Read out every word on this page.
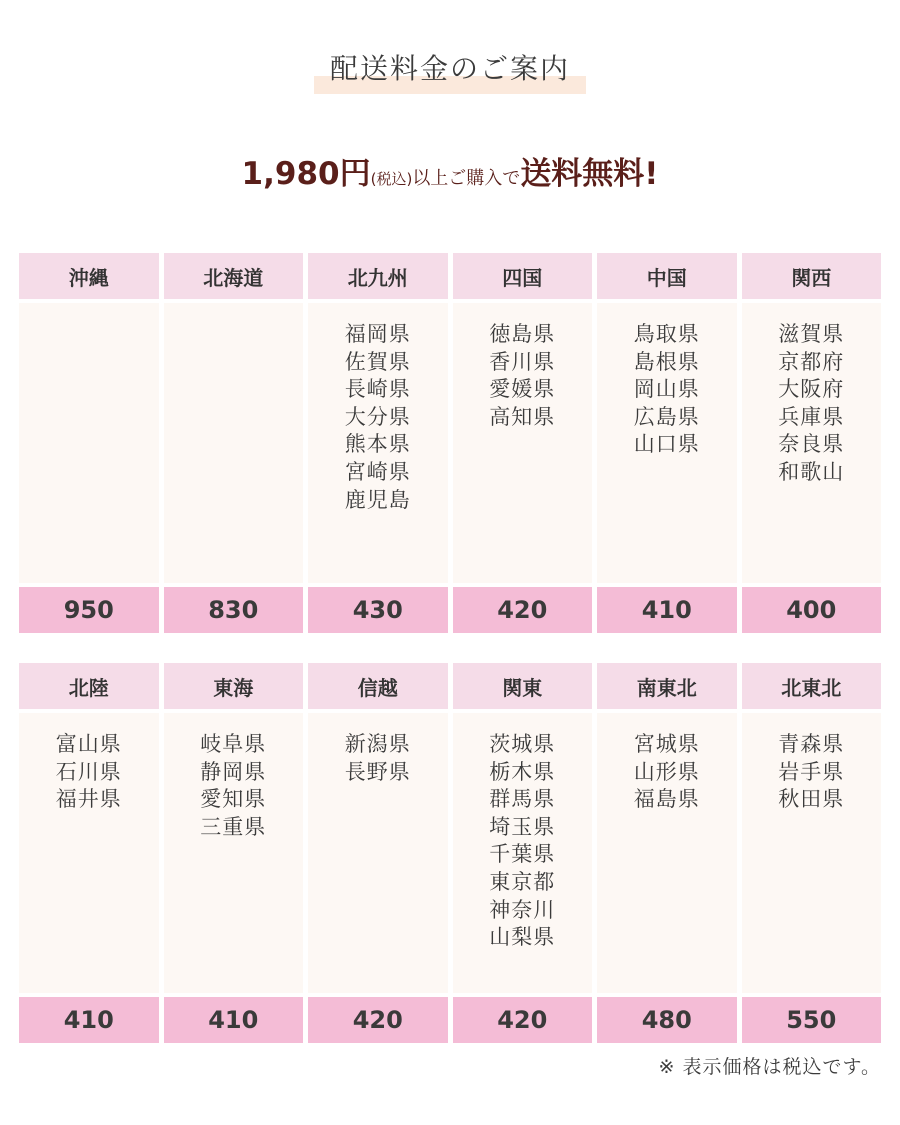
配送料金のご案内
1,980円(税込)以上ご購入で送料無料!
沖縄
950
北海道
830
北九州
福岡県
佐賀県
長崎県
大分県
熊本県
宮崎県
鹿児島
430
四国
徳島県
香川県
愛媛県
高知県
420
中国
鳥取県
島根県
岡山県
広島県
山口県
410
関西
滋賀県
京都府
大阪府
兵庫県
奈良県
和歌山
400
北陸
富山県
石川県
福井県
410
東海
岐阜県
静岡県
愛知県
三重県
410
信越
新潟県
長野県
420
関東
茨城県
栃木県
群馬県
埼玉県
千葉県
東京都
神奈川
山梨県
420
南東北
宮城県
山形県
福島県
480
北東北
青森県
岩手県
秋田県
550
※ 表示価格は税込です。
